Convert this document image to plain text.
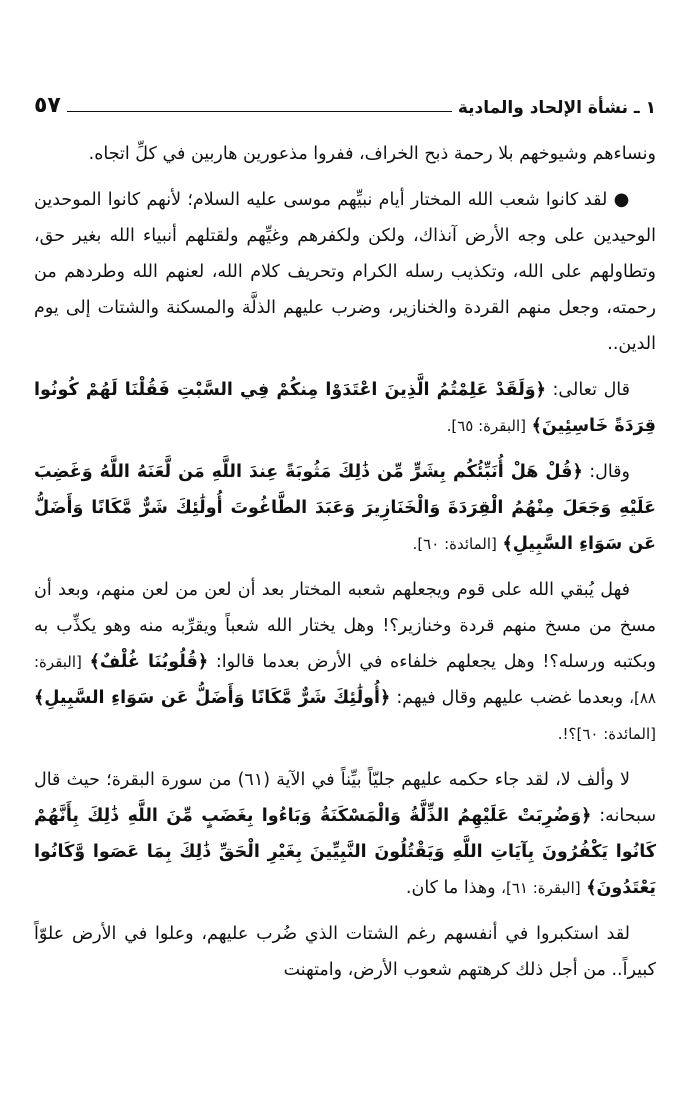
١ ـ نشأة الإلحاد والمادية
٥٧

ونساءهم وشيوخهم بلا رحمة ذبح الخراف، ففروا مذعورين هاربين في كلِّ اتجاه.

● لقد كانوا شعب الله المختار أيام نبيِّهم موسى عليه السلام؛ لأنهم كانوا الموحدين الوحيدين على وجه الأرض آنذاك، ولكن ولكفرهم وغيِّهم ولقتلهم أنبياء الله بغير حق، وتطاولهم على الله، وتكذيب رسله الكرام وتحريف كلام الله، لعنهم الله وطردهم من رحمته، وجعل منهم القردة والخنازير، وضرب عليهم الذلَّة والمسكنة والشتات إلى يوم الدين..

قال تعالى: ﴿وَلَقَدْ عَلِمْتُمُ الَّذِينَ اعْتَدَوْا مِنكُمْ فِي السَّبْتِ فَقُلْنَا لَهُمْ كُونُوا قِرَدَةً خَاسِئِينَ﴾ [البقرة: ٦٥].

وقال: ﴿قُلْ هَلْ أُنَبِّئُكُم بِشَرٍّ مِّن ذَٰلِكَ مَثُوبَةً عِندَ اللَّهِ مَن لَّعَنَهُ اللَّهُ وَغَضِبَ عَلَيْهِ وَجَعَلَ مِنْهُمُ الْقِرَدَةَ وَالْخَنَازِيرَ وَعَبَدَ الطَّاغُوتَ أُولَٰئِكَ شَرٌّ مَّكَانًا وَأَضَلُّ عَن سَوَاءِ السَّبِيلِ﴾ [المائدة: ٦٠].

فهل يُبقي الله على قوم ويجعلهم شعبه المختار بعد أن لعن من لعن منهم، وبعد أن مسخ من مسخ منهم قردة وخنازير؟! وهل يختار الله شعباً ويقرِّبه منه وهو يكذِّب به وبكتبه ورسله؟! وهل يجعلهم خلفاءه في الأرض بعدما قالوا: ﴿قُلُوبُنَا غُلْفٌ﴾ [البقرة: ٨٨]، وبعدما غضب عليهم وقال فيهم: ﴿أُولَٰئِكَ شَرٌّ مَّكَانًا وَأَضَلُّ عَن سَوَاءِ السَّبِيلِ﴾ [المائدة: ٦٠]؟!.

لا وألف لا، لقد جاء حكمه عليهم جليّاً بيِّناً في الآية (٦١) من سورة البقرة؛ حيث قال سبحانه: ﴿وَضُرِبَتْ عَلَيْهِمُ الذِّلَّةُ وَالْمَسْكَنَةُ وَبَاءُوا بِغَضَبٍ مِّنَ اللَّهِ ذَٰلِكَ بِأَنَّهُمْ كَانُوا يَكْفُرُونَ بِآيَاتِ اللَّهِ وَيَقْتُلُونَ النَّبِيِّينَ بِغَيْرِ الْحَقِّ ذَٰلِكَ بِمَا عَصَوا وَّكَانُوا يَعْتَدُونَ﴾ [البقرة: ٦١]، وهذا ما كان.

لقد استكبروا في أنفسهم رغم الشتات الذي ضُرب عليهم، وعلوا في الأرض علوّاً كبيراً.. من أجل ذلك كرهتهم شعوب الأرض، وامتهنت
